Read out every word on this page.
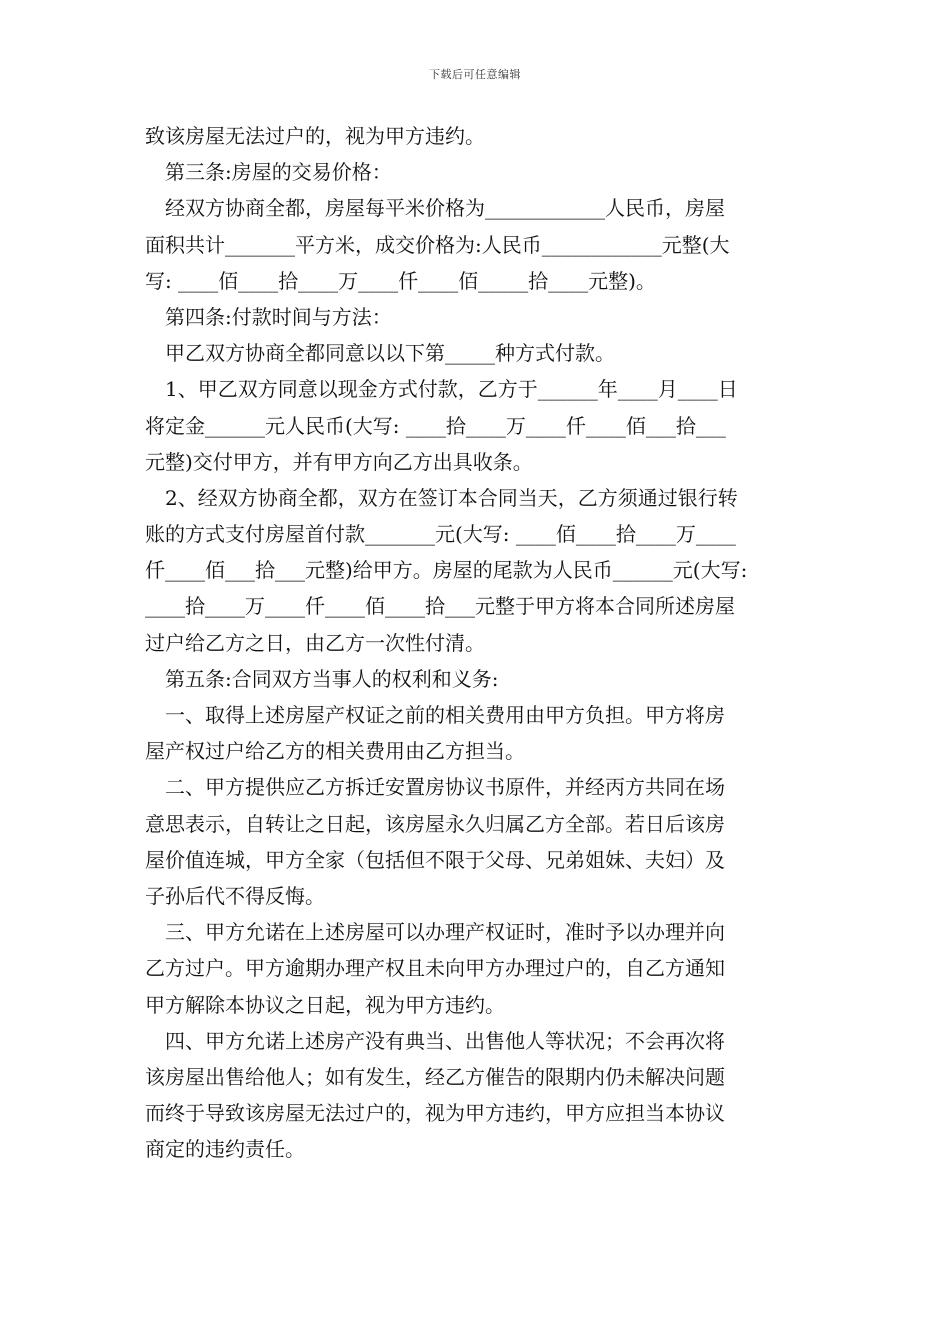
下载后可任意编辑
致该房屋无法过户的，视为甲方违约。
　第三条:房屋的交易价格：
　经双方协商全都，房屋每平米价格为____________人民币，房屋
面积共计_______平方米，成交价格为:人民币____________元整(大
写: ____佰____拾____万____仟____佰_____拾____元整)。
　第四条:付款时间与方法：
　甲乙双方协商全都同意以以下第_____种方式付款。
　1、甲乙双方同意以现金方式付款，乙方于______年____月____日
将定金______元人民币(大写: ____拾____万____仟____佰___拾___
元整)交付甲方，并有甲方向乙方出具收条。
　2、经双方协商全都，双方在签订本合同当天，乙方须通过银行转
账的方式支付房屋首付款_______元(大写: ____佰____拾____万____
仟____佰___拾___元整)给甲方。房屋的尾款为人民币______元(大写:
____拾____万____仟____佰____拾___元整于甲方将本合同所述房屋
过户给乙方之日，由乙方一次性付清。
　第五条:合同双方当事人的权利和义务:
　一、取得上述房屋产权证之前的相关费用由甲方负担。甲方将房
屋产权过户给乙方的相关费用由乙方担当。
　二、甲方提供应乙方拆迁安置房协议书原件，并经丙方共同在场
意思表示，自转让之日起，该房屋永久归属乙方全部。若日后该房
屋价值连城，甲方全家（包括但不限于父母、兄弟姐妹、夫妇）及
子孙后代不得反悔。
　三、甲方允诺在上述房屋可以办理产权证时，准时予以办理并向
乙方过户。甲方逾期办理产权且未向甲方办理过户的，自乙方通知
甲方解除本协议之日起，视为甲方违约。
　四、甲方允诺上述房产没有典当、出售他人等状况；不会再次将
该房屋出售给他人；如有发生，经乙方催告的限期内仍未解决问题
而终于导致该房屋无法过户的，视为甲方违约，甲方应担当本协议
商定的违约责任。
